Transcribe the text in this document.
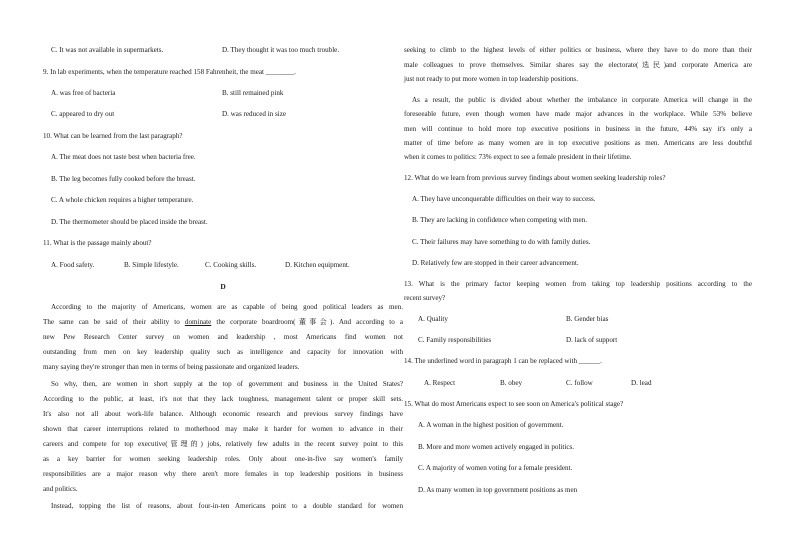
C. It was not available in supermarkets.	D. They thought it was too much trouble.
9. In lab experiments, when the temperature reached 158 Fahrenheit, the meat ________.
A. was free of bacteria	B. still remained pink
C. appeared to dry out	D. was reduced in size
10. What can be learned from the last paragraph?
A. The meat does not taste best when bacteria free.
B. The leg becomes fully cooked before the breast.
C. A whole chicken requires a higher temperature.
D. The thermometer should be placed inside the breast.
11. What is the passage mainly about?
A. Food safety.	B. Simple lifestyle.	C. Cooking skills.	D. Kitchen equipment.
D
According to the majority of Americans, women are as capable of being good political leaders as men.
The same can be said of their ability to dominate the corporate boardroom(董事会). And according to a
new Pew Research Center survey on women and leadership , most Americans find women not
outstanding from men on key leadership quality such as intelligence and capacity for innovation with
many saying they're stronger than men in terms of being passionate and organized leaders.
So why, then, are women in short supply at the top of government and business in the United States?
According to the public, at least, it's not that they lack toughness, management talent or proper skill sets.
It's also not all about work-life balance. Although economic research and previous survey findings have
shown that career interruptions related to motherhood may make it harder for women to advance in their
careers and compete for top executive(管理的) jobs, relatively few adults in the recent survey point to this
as a key barrier for women seeking leadership roles. Only about one-in-five say women's family
responsibilities are a major reason why there aren't more females in top leadership positions in business
and politics.
Instead, topping the list of reasons, about four-in-ten Americans point to a double standard for women
seeking to climb to the highest levels of either politics or business, where they have to do more than their
male colleagues to prove themselves. Similar shares say the electorate(选民)and corporate America are
just not ready to put more women in top leadership positions.
As a result, the public is divided about whether the imbalance in corporate America will change in the
foreseeable future, even though women have made major advances in the workplace. While 53% believe
men will continue to hold more top executive positions in business in the future, 44% say it's only a
matter of time before as many women are in top executive positions as men. Americans are less doubtful
when it comes to politics: 73% expect to see a female president in their lifetime.
12. What do we learn from previous survey findings about women seeking leadership roles?
A. They have unconquerable difficulties on their way to success.
B. They are lacking in confidence when competing with men.
C. Their failures may have something to do with family duties.
D. Relatively few are stopped in their career advancement.
13. What is the primary factor keeping women from taking top leadership positions according to the
recent survey?
A. Quality	B. Gender bias
C. Family responsibilities	D. lack of support
14. The underlined word in paragraph 1 can be replaced with ______.
A. Respect	B. obey	C. follow	D. lead
15. What do most Americans expect to see soon on America's political stage?
A. A woman in the highest position of government.
B. More and more women actively engaged in politics.
C. A majority of women voting for a female president.
D. As many women in top government positions as men
